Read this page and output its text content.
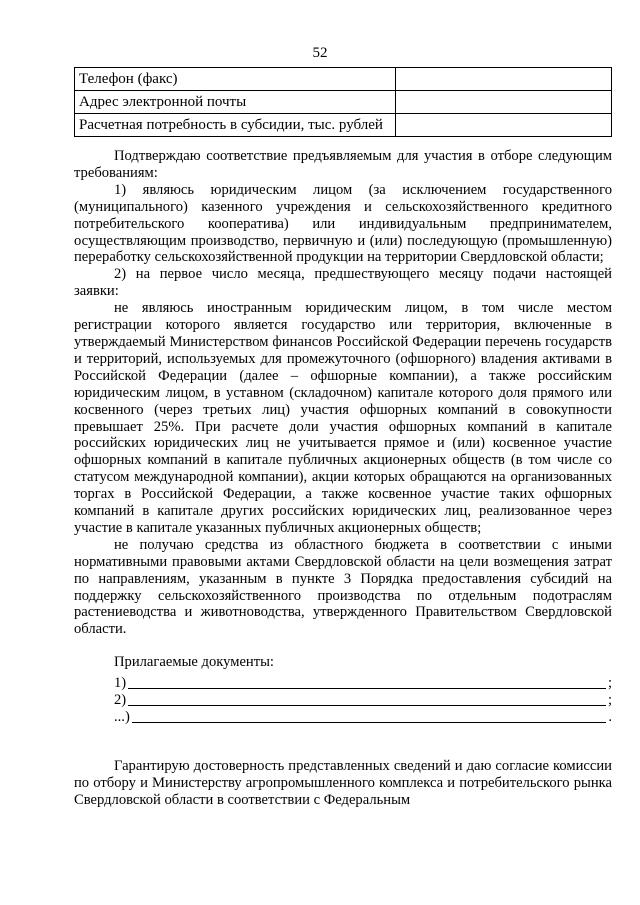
52
Телефон (факс)	
Адрес электронной почты	
Расчетная потребность в субсидии, тыс. рублей	

Подтверждаю соответствие предъявляемым для участия в отборе следующим требованиям:

1) являюсь юридическим лицом (за исключением государственного (муниципального) казенного учреждения и сельскохозяйственного кредитного потребительского кооператива) или индивидуальным предпринимателем, осуществляющим производство, первичную и (или) последующую (промышленную) переработку сельскохозяйственной продукции на территории Свердловской области;

2) на первое число месяца, предшествующего месяцу подачи настоящей заявки:

не являюсь иностранным юридическим лицом, в том числе местом регистрации которого является государство или территория, включенные в утверждаемый Министерством финансов Российской Федерации перечень государств и территорий, используемых для промежуточного (офшорного) владения активами в Российской Федерации (далее – офшорные компании), а также российским юридическим лицом, в уставном (складочном) капитале которого доля прямого или косвенного (через третьих лиц) участия офшорных компаний в совокупности превышает 25%. При расчете доли участия офшорных компаний в капитале российских юридических лиц не учитывается прямое и (или) косвенное участие офшорных компаний в капитале публичных акционерных обществ (в том числе со статусом международной компании), акции которых обращаются на организованных торгах в Российской Федерации, а также косвенное участие таких офшорных компаний в капитале других российских юридических лиц, реализованное через участие в капитале указанных публичных акционерных обществ;

не получаю средства из областного бюджета в соответствии с иными нормативными правовыми актами Свердловской области на цели возмещения затрат по направлениям, указанным в пункте 3 Порядка предоставления субсидий на поддержку сельскохозяйственного производства по отдельным подотраслям растениеводства и животноводства, утвержденного Правительством Свердловской области.

Прилагаемые документы:

1)	;
2)	;
...)	.

Гарантирую достоверность представленных сведений и даю согласие комиссии по отбору и Министерству агропромышленного комплекса и потребительского рынка Свердловской области в соответствии с Федеральным
